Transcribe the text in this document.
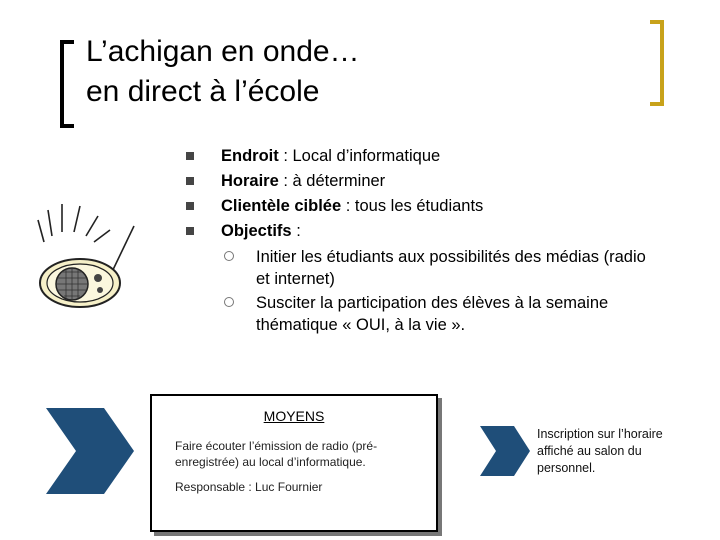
L’achigan en onde…
en direct à l’école
Endroit : Local d’informatique
Horaire : à déterminer
Clientèle ciblée : tous les étudiants
Objectifs :
Initier les étudiants aux possibilités des médias (radio et internet)
Susciter la participation des élèves à la semaine thématique « OUI, à la vie ».
MOYENS
Faire écouter l’émission de radio (pré-enregistrée) au local d’informatique.
Responsable : Luc Fournier
Inscription sur l’horaire affiché au salon du personnel.
